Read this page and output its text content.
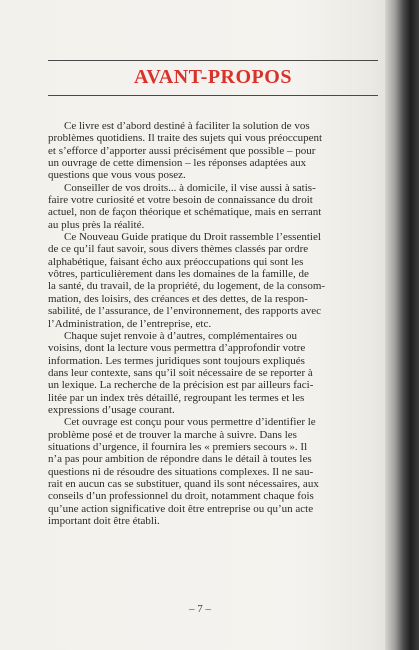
AVANT-PROPOS
Ce livre est d’abord destiné à faciliter la solution de vos
problèmes quotidiens. Il traite des sujets qui vous préoccupent
et s’efforce d’apporter aussi précisément que possible – pour
un ouvrage de cette dimension – les réponses adaptées aux
questions que vous vous posez.
Conseiller de vos droits... à domicile, il vise aussi à satis-
faire votre curiosité et votre besoin de connaissance du droit
actuel, non de façon théorique et schématique, mais en serrant
au plus près la réalité.
Ce Nouveau Guide pratique du Droit rassemble l’essentiel
de ce qu’il faut savoir, sous divers thèmes classés par ordre
alphabétique, faisant écho aux préoccupations qui sont les
vôtres, particulièrement dans les domaines de la famille, de
la santé, du travail, de la propriété, du logement, de la consom-
mation, des loisirs, des créances et des dettes, de la respon-
sabilité, de l’assurance, de l’environnement, des rapports avec
l’Administration, de l’entreprise, etc.
Chaque sujet renvoie à d’autres, complémentaires ou
voisins, dont la lecture vous permettra d’approfondir votre
information. Les termes juridiques sont toujours expliqués
dans leur contexte, sans qu’il soit nécessaire de se reporter à
un lexique. La recherche de la précision est par ailleurs faci-
litée par un index très détaillé, regroupant les termes et les
expressions d’usage courant.
Cet ouvrage est conçu pour vous permettre d’identifier le
problème posé et de trouver la marche à suivre. Dans les
situations d’urgence, il fournira les « premiers secours ». Il
n’a pas pour ambition de répondre dans le détail à toutes les
questions ni de résoudre des situations complexes. Il ne sau-
rait en aucun cas se substituer, quand ils sont nécessaires, aux
conseils d’un professionnel du droit, notamment chaque fois
qu’une action significative doit être entreprise ou qu’un acte
important doit être établi.
– 7 –
